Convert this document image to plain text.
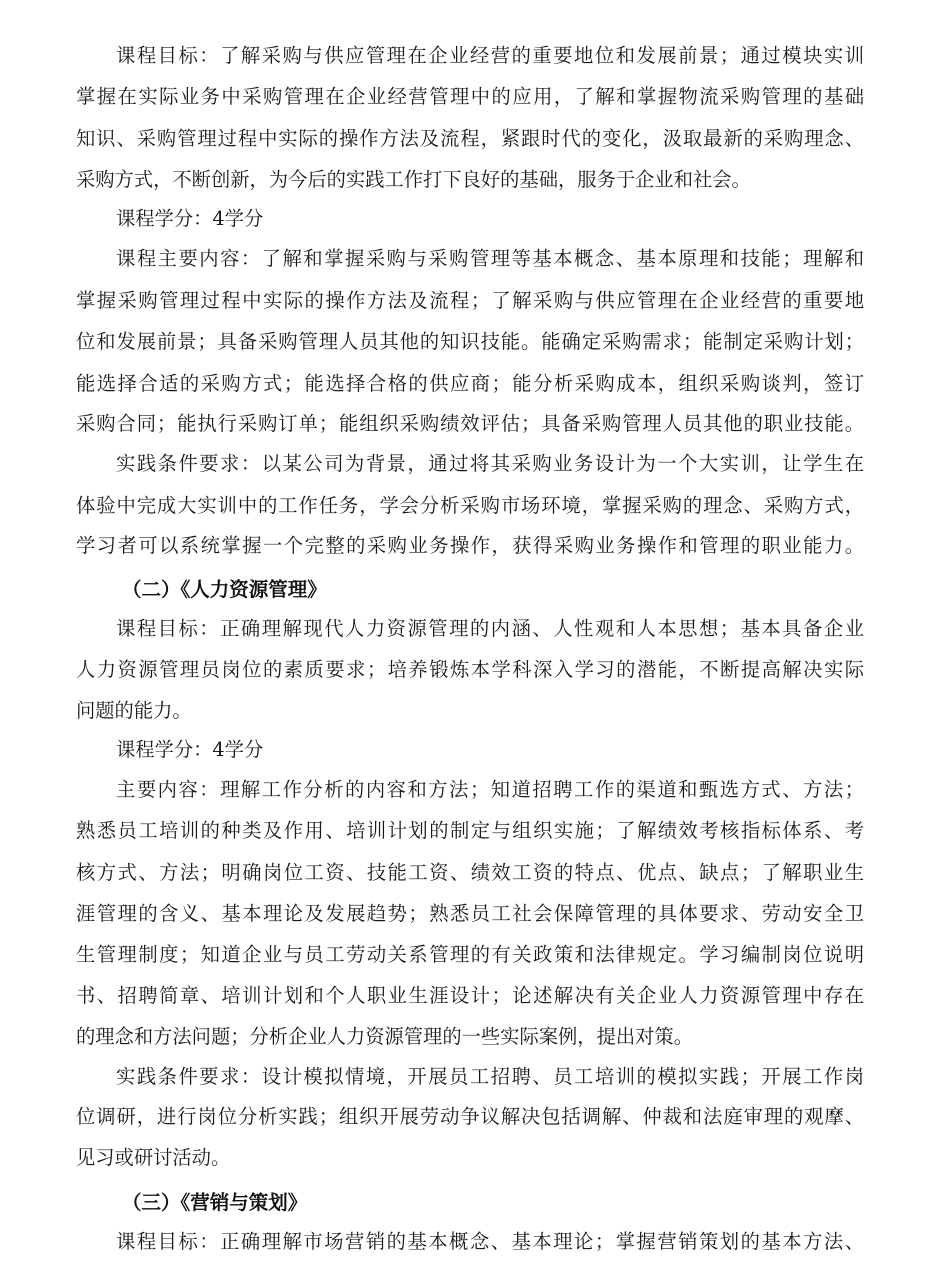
课程目标：了解采购与供应管理在企业经营的重要地位和发展前景；通过模块实训

掌握在实际业务中采购管理在企业经营管理中的应用，了解和掌握物流采购管理的基础

知识、采购管理过程中实际的操作方法及流程，紧跟时代的变化，汲取最新的采购理念、

采购方式，不断创新，为今后的实践工作打下良好的基础，服务于企业和社会。

课程学分：4学分

课程主要内容：了解和掌握采购与采购管理等基本概念、基本原理和技能；理解和

掌握采购管理过程中实际的操作方法及流程；了解采购与供应管理在企业经营的重要地

位和发展前景；具备采购管理人员其他的知识技能。能确定采购需求；能制定采购计划；

能选择合适的采购方式；能选择合格的供应商；能分析采购成本，组织采购谈判，签订

采购合同；能执行采购订单；能组织采购绩效评估；具备采购管理人员其他的职业技能。

实践条件要求：以某公司为背景，通过将其采购业务设计为一个大实训，让学生在

体验中完成大实训中的工作任务，学会分析采购市场环境，掌握采购的理念、采购方式，

学习者可以系统掌握一个完整的采购业务操作，获得采购业务操作和管理的职业能力。

（二）《人力资源管理》

课程目标：正确理解现代人力资源管理的内涵、人性观和人本思想；基本具备企业

人力资源管理员岗位的素质要求；培养锻炼本学科深入学习的潜能，不断提高解决实际

问题的能力。

课程学分：4学分

主要内容：理解工作分析的内容和方法；知道招聘工作的渠道和甄选方式、方法；

熟悉员工培训的种类及作用、培训计划的制定与组织实施；了解绩效考核指标体系、考

核方式、方法；明确岗位工资、技能工资、绩效工资的特点、优点、缺点；了解职业生

涯管理的含义、基本理论及发展趋势；熟悉员工社会保障管理的具体要求、劳动安全卫

生管理制度；知道企业与员工劳动关系管理的有关政策和法律规定。学习编制岗位说明

书、招聘简章、培训计划和个人职业生涯设计；论述解决有关企业人力资源管理中存在

的理念和方法问题；分析企业人力资源管理的一些实际案例，提出对策。

实践条件要求：设计模拟情境，开展员工招聘、员工培训的模拟实践；开展工作岗

位调研，进行岗位分析实践；组织开展劳动争议解决包括调解、仲裁和法庭审理的观摩、

见习或研讨活动。

（三）《营销与策划》

课程目标：正确理解市场营销的基本概念、基本理论；掌握营销策划的基本方法、
